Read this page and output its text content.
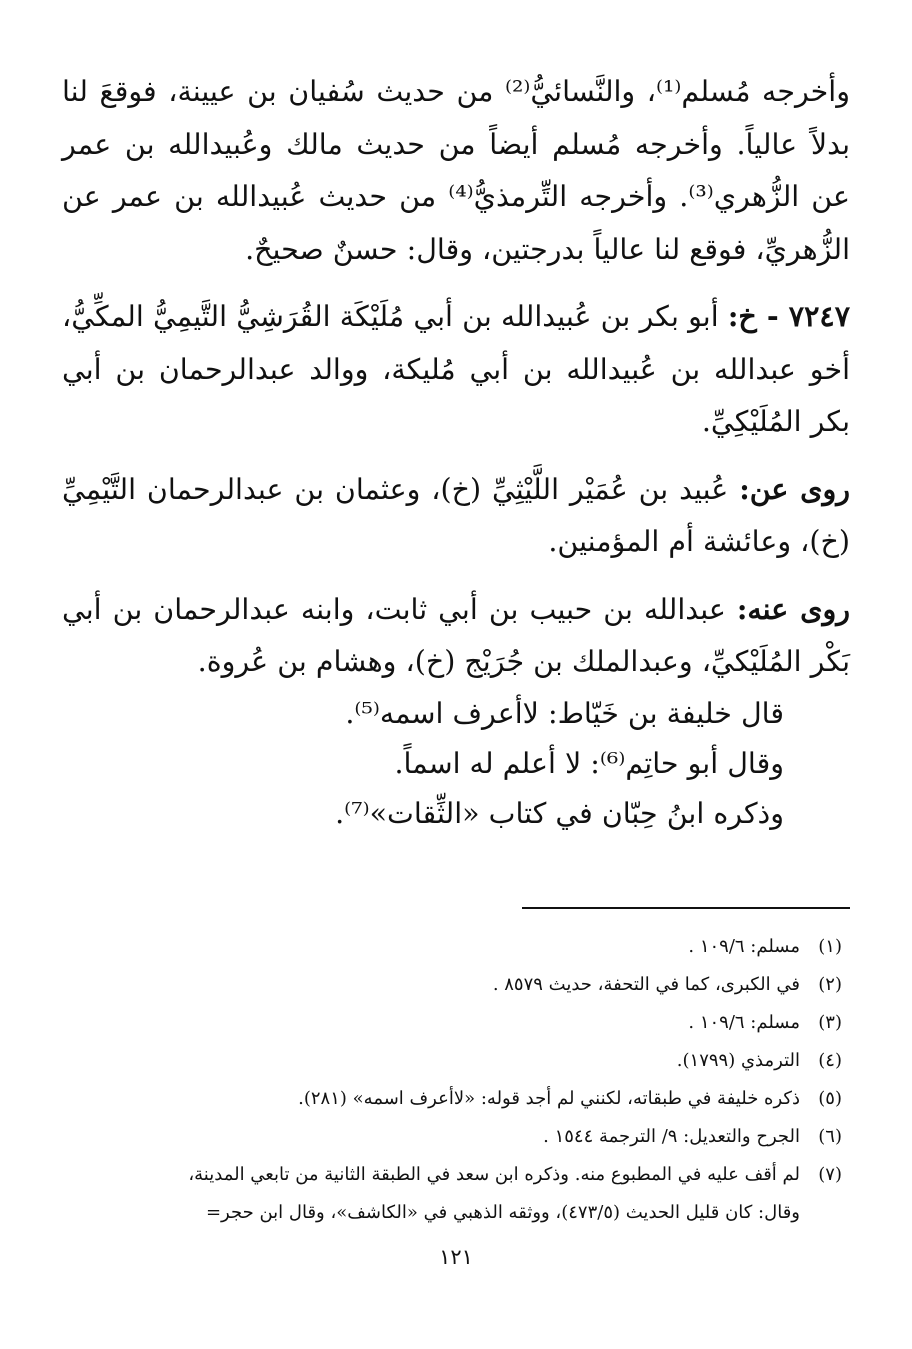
وأخرجه مُسلم⁽¹⁾، والنَّسائيُّ⁽²⁾ من حديث سُفيان بن عيينة، فوقعَ لنا بدلاً عالياً. وأخرجه مُسلم أيضاً من حديث مالك وعُبيدالله بن عمر عن الزُّهري⁽³⁾. وأخرجه التِّرمذيُّ⁽⁴⁾ من حديث عُبيدالله بن عمر عن الزُّهريِّ، فوقع لنا عالياً بدرجتين، وقال: حسنٌ صحيحٌ.

٧٢٤٧ - خ: أبو بكر بن عُبيدالله بن أبي مُلَيْكَة القُرَشِيُّ التَّيمِيُّ المكِّيُّ، أخو عبدالله بن عُبيدالله بن أبي مُليكة، ووالد عبدالرحمان بن أبي بكر المُلَيْكِيِّ.

روى عن: عُبيد بن عُمَيْر اللَّيْثِيِّ (خ)، وعثمان بن عبدالرحمان التَّيْمِيِّ (خ)، وعائشة أم المؤمنين.

روى عنه: عبدالله بن حبيب بن أبي ثابت، وابنه عبدالرحمان بن أبي بَكْر المُلَيْكيِّ، وعبدالملك بن جُرَيْج (خ)، وهشام بن عُروة.

قال خليفة بن خَيّاط: لاأعرف اسمه⁽⁵⁾.

وقال أبو حاتِم⁽⁶⁾: لا أعلم له اسماً.

وذكره ابنُ حِبّان في كتاب «الثِّقات»⁽⁷⁾.

(١)
مسلم: ١٠٩/٦ .

(٢)
في الكبرى، كما في التحفة، حديث ٨٥٧٩ .

(٣)
مسلم: ١٠٩/٦ .

(٤)
الترمذي (١٧٩٩).

(٥)
ذكره خليفة في طبقاته، لكنني لم أجد قوله: «لاأعرف اسمه» (٢٨١).

(٦)
الجرح والتعديل: ٩/ الترجمة ١٥٤٤ .

(٧)
لم أقف عليه في المطبوع منه. وذكره ابن سعد في الطبقة الثانية من تابعي المدينة،

وقال: كان قليل الحديث (٤٧٣/٥)، ووثقه الذهبي في «الكاشف»، وقال ابن حجر=

١٢١
